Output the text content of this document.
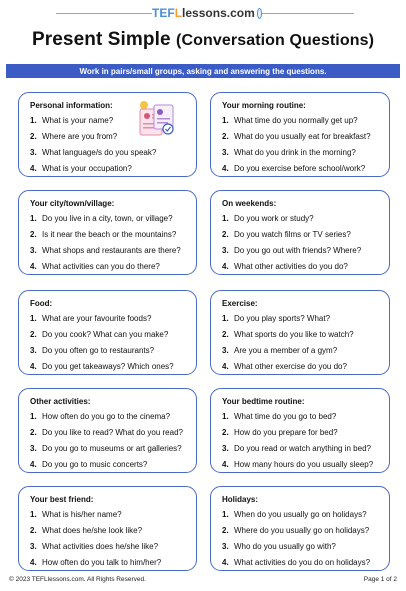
T E F L lessons.com
Present Simple (Conversation Questions)
Work in pairs/small groups, asking and answering the questions.
Personal information:
1. What is your name?
2. Where are you from?
3. What language/s do you speak?
4. What is your occupation?
Your morning routine:
1. What time do you normally get up?
2. What do you usually eat for breakfast?
3. What do you drink in the morning?
4. Do you exercise before school/work?
Your city/town/village:
1. Do you live in a city, town, or village?
2. Is it near the beach or the mountains?
3. What shops and restaurants are there?
4. What activities can you do there?
On weekends:
1. Do you work or study?
2. Do you watch films or TV series?
3. Do you go out with friends? Where?
4. What other activities do you do?
Food:
1. What are your favourite foods?
2. Do you cook? What can you make?
3. Do you often go to restaurants?
4. Do you get takeaways? Which ones?
Exercise:
1. Do you play sports? What?
2. What sports do you like to watch?
3. Are you a member of a gym?
4. What other exercise do you do?
Other activities:
1. How often do you go to the cinema?
2. Do you like to read? What do you read?
3. Do you go to museums or art galleries?
4. Do you go to music concerts?
Your bedtime routine:
1. What time do you go to bed?
2. How do you prepare for bed?
3. Do you read or watch anything in bed?
4. How many hours do you usually sleep?
Your best friend:
1. What is his/her name?
2. What does he/she look like?
3. What activities does he/she like?
4. How often do you talk to him/her?
Holidays:
1. When do you usually go on holidays?
2. Where do you usually go on holidays?
3. Who do you usually go with?
4. What activities do you do on holidays?
© 2023 TEFLlessons.com. All Rights Reserved.	Page 1 of 2
